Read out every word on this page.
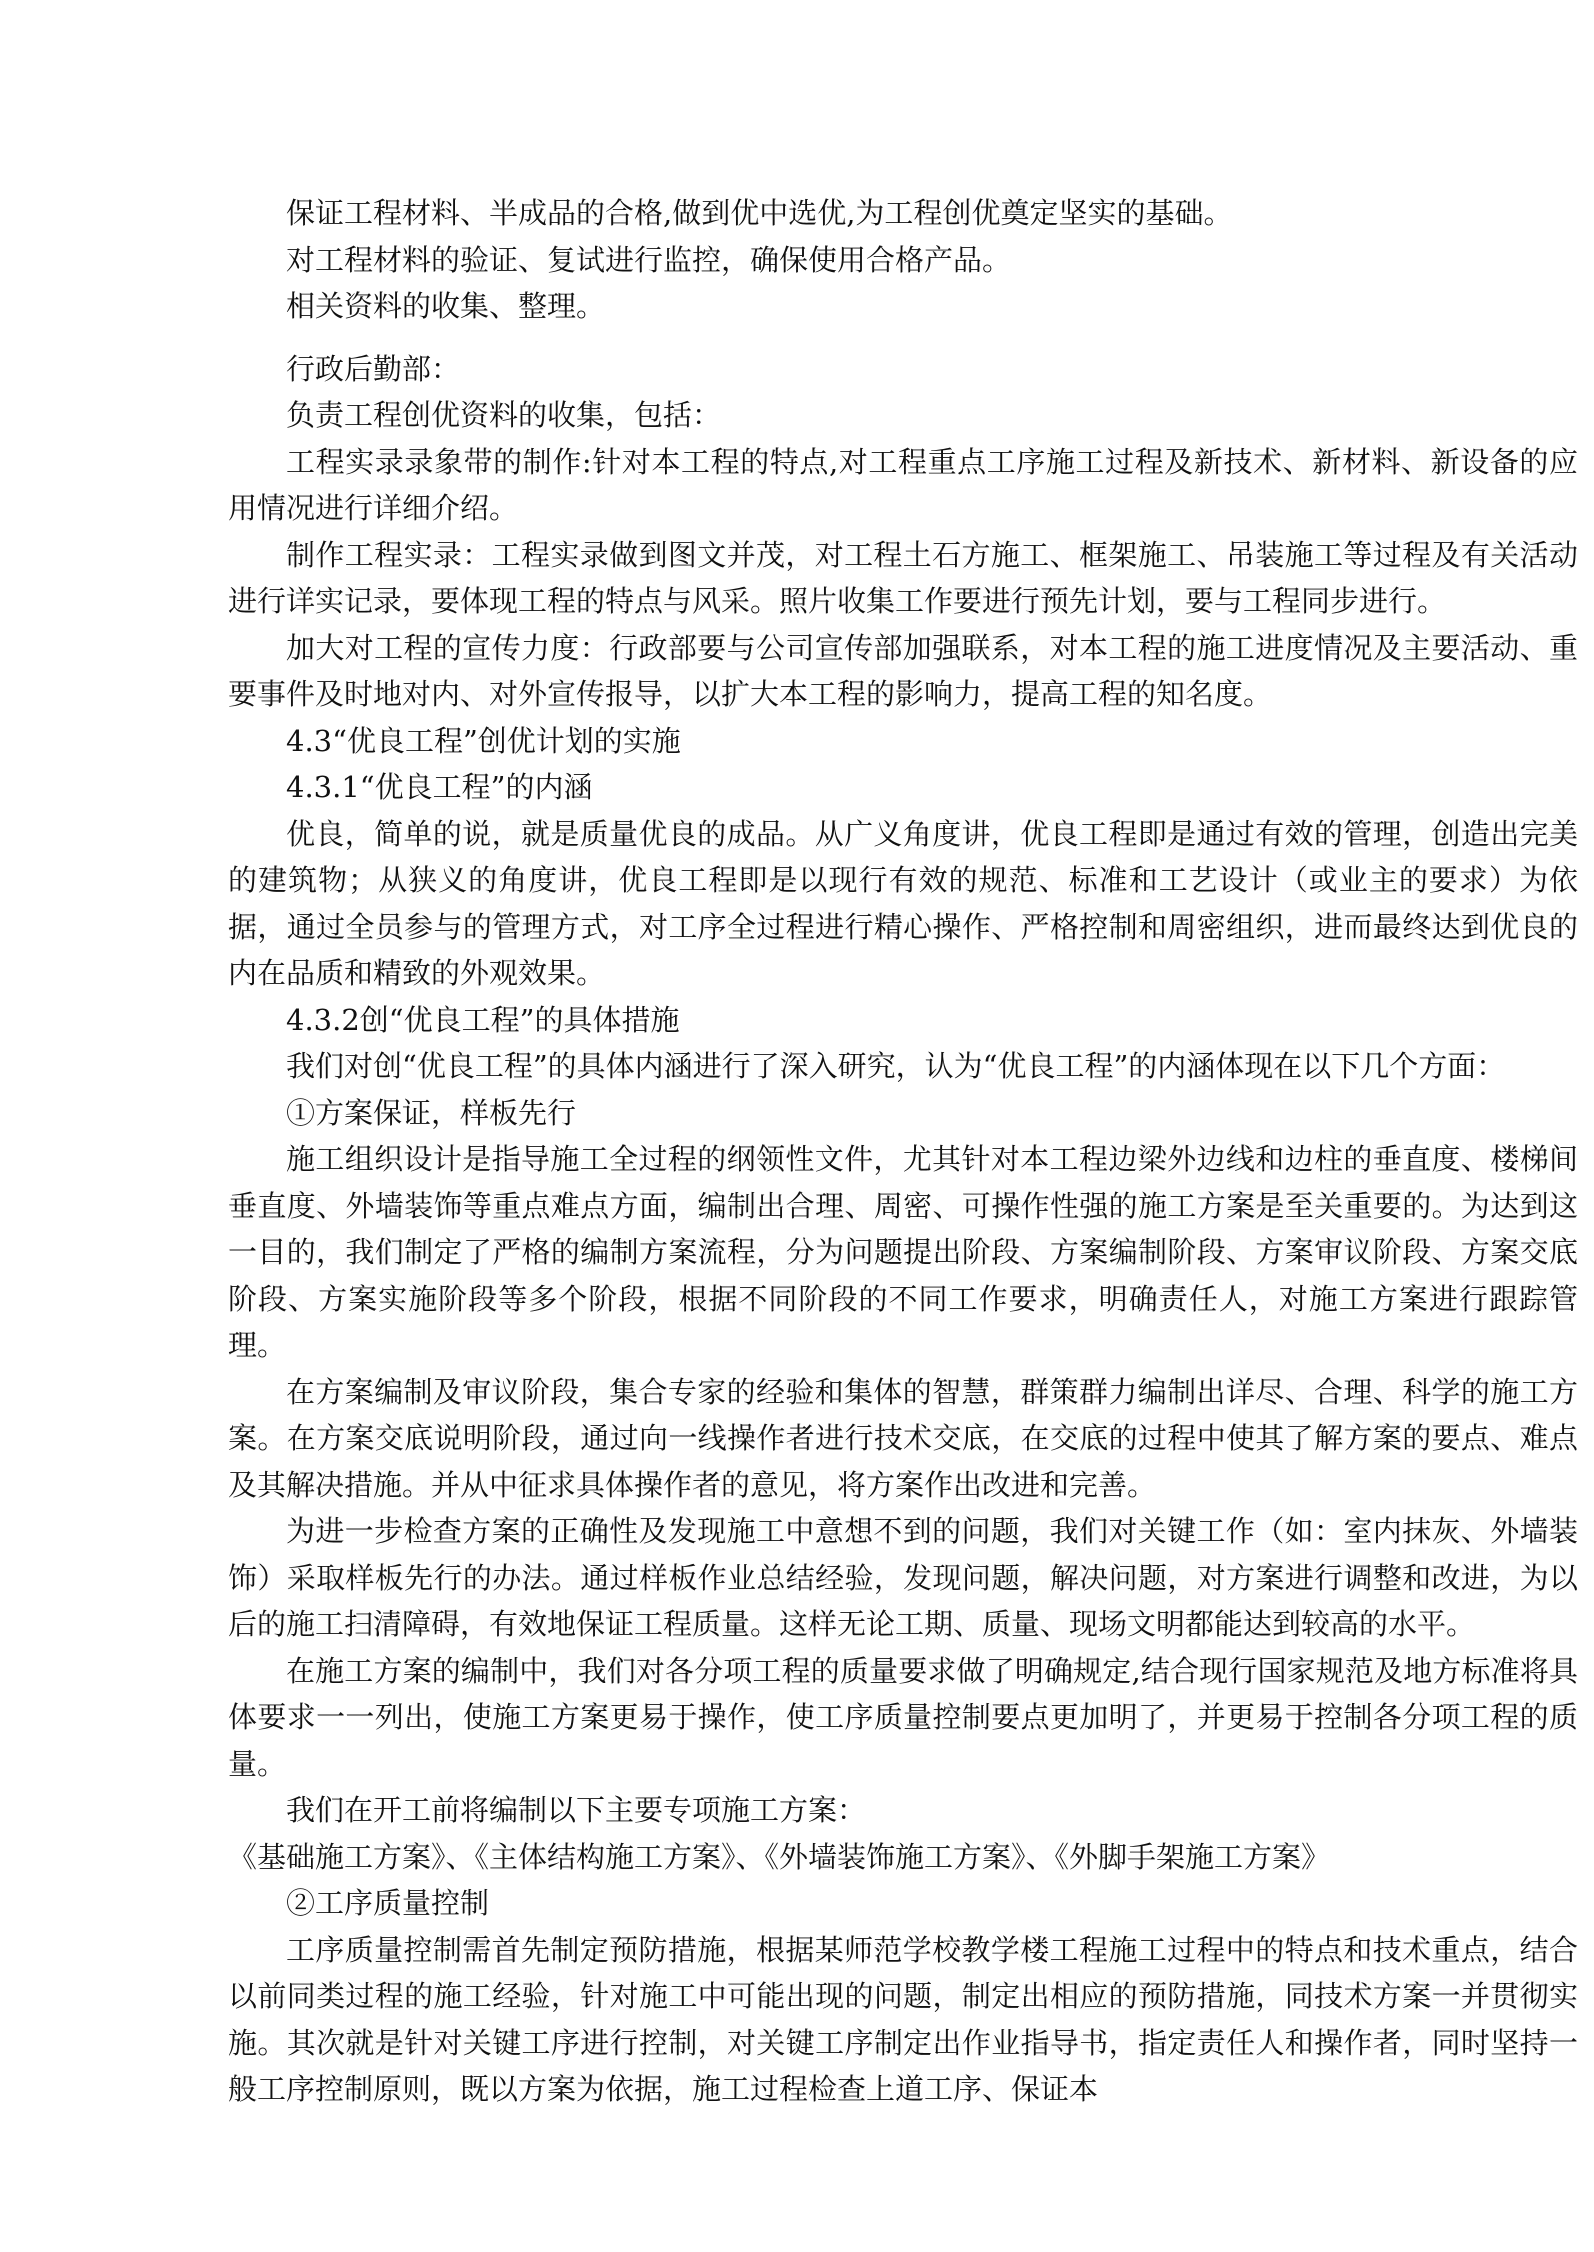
保证工程材料、半成品的合格,做到优中选优,为工程创优奠定坚实的基础。

对工程材料的验证、复试进行监控，确保使用合格产品。

相关资料的收集、整理。

行政后勤部：

负责工程创优资料的收集，包括：

工程实录录象带的制作:针对本工程的特点,对工程重点工序施工过程及新技术、新材料、新设备的应用情况进行详细介绍。

制作工程实录：工程实录做到图文并茂，对工程土石方施工、框架施工、吊装施工等过程及有关活动进行详实记录，要体现工程的特点与风采。照片收集工作要进行预先计划，要与工程同步进行。

加大对工程的宣传力度：行政部要与公司宣传部加强联系，对本工程的施工进度情况及主要活动、重要事件及时地对内、对外宣传报导，以扩大本工程的影响力，提高工程的知名度。

4.3“优良工程”创优计划的实施

4.3.1“优良工程”的内涵

优良，简单的说，就是质量优良的成品。从广义角度讲，优良工程即是通过有效的管理，创造出完美的建筑物；从狭义的角度讲，优良工程即是以现行有效的规范、标准和工艺设计（或业主的要求）为依据，通过全员参与的管理方式，对工序全过程进行精心操作、严格控制和周密组织，进而最终达到优良的内在品质和精致的外观效果。

4.3.2创“优良工程”的具体措施

我们对创“优良工程”的具体内涵进行了深入研究，认为“优良工程”的内涵体现在以下几个方面：

①方案保证，样板先行

施工组织设计是指导施工全过程的纲领性文件，尤其针对本工程边梁外边线和边柱的垂直度、楼梯间垂直度、外墙装饰等重点难点方面，编制出合理、周密、可操作性强的施工方案是至关重要的。为达到这一目的，我们制定了严格的编制方案流程，分为问题提出阶段、方案编制阶段、方案审议阶段、方案交底阶段、方案实施阶段等多个阶段，根据不同阶段的不同工作要求，明确责任人，对施工方案进行跟踪管理。

在方案编制及审议阶段，集合专家的经验和集体的智慧，群策群力编制出详尽、合理、科学的施工方案。在方案交底说明阶段，通过向一线操作者进行技术交底，在交底的过程中使其了解方案的要点、难点及其解决措施。并从中征求具体操作者的意见，将方案作出改进和完善。

为进一步检查方案的正确性及发现施工中意想不到的问题，我们对关键工作（如：室内抹灰、外墙装饰）采取样板先行的办法。通过样板作业总结经验，发现问题，解决问题，对方案进行调整和改进，为以后的施工扫清障碍，有效地保证工程质量。这样无论工期、质量、现场文明都能达到较高的水平。

在施工方案的编制中，我们对各分项工程的质量要求做了明确规定,结合现行国家规范及地方标准将具体要求一一列出，使施工方案更易于操作，使工序质量控制要点更加明了，并更易于控制各分项工程的质量。

我们在开工前将编制以下主要专项施工方案：

《基础施工方案》、《主体结构施工方案》、《外墙装饰施工方案》、《外脚手架施工方案》

②工序质量控制

工序质量控制需首先制定预防措施，根据某师范学校教学楼工程施工过程中的特点和技术重点，结合以前同类过程的施工经验，针对施工中可能出现的问题，制定出相应的预防措施，同技术方案一并贯彻实施。其次就是针对关键工序进行控制，对关键工序制定出作业指导书，指定责任人和操作者，同时坚持一般工序控制原则，既以方案为依据，施工过程检查上道工序、保证本
